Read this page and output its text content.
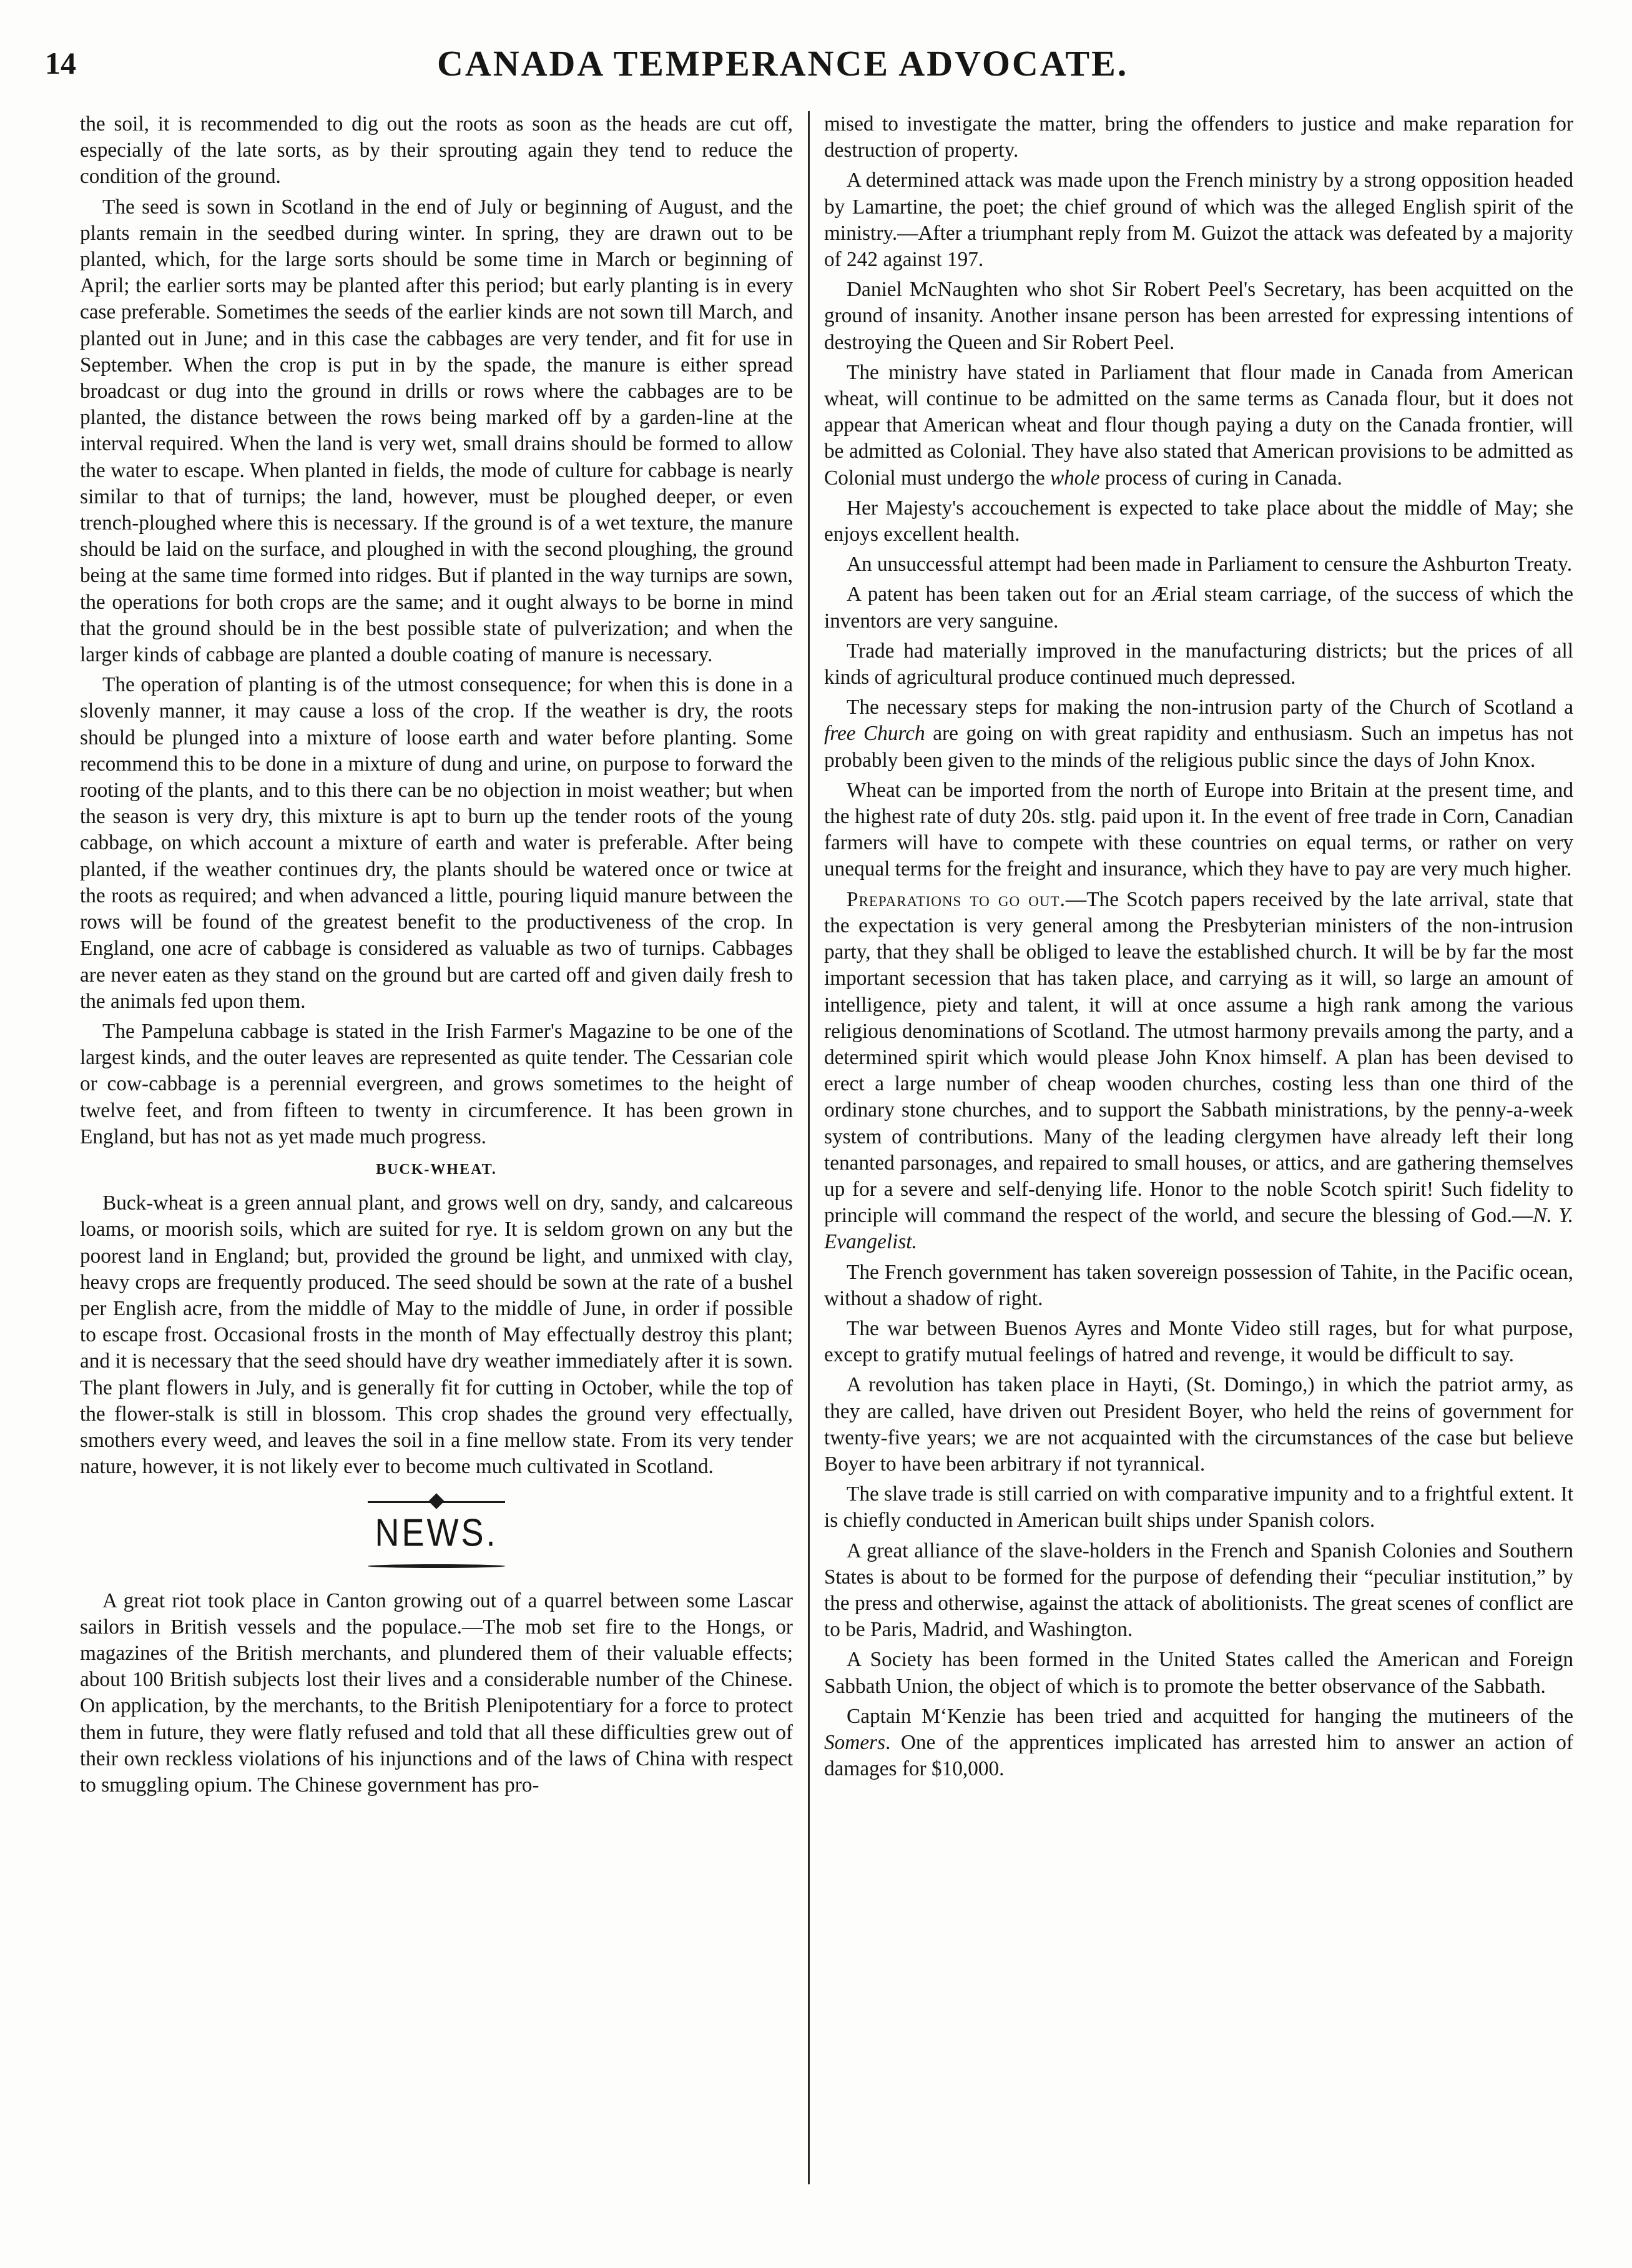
14	CANADA TEMPERANCE ADVOCATE.

the soil, it is recommended to dig out the roots as soon as the heads are cut off, especially of the late sorts, as by their sprouting again they tend to reduce the condition of the ground.

The seed is sown in Scotland in the end of July or beginning of August, and the plants remain in the seedbed during winter. In spring, they are drawn out to be planted, which, for the large sorts should be some time in March or beginning of April; the earlier sorts may be planted after this period; but early planting is in every case preferable. Sometimes the seeds of the earlier kinds are not sown till March, and planted out in June; and in this case the cabbages are very tender, and fit for use in September. When the crop is put in by the spade, the manure is either spread broadcast or dug into the ground in drills or rows where the cabbages are to be planted, the distance between the rows being marked off by a garden-line at the interval required. When the land is very wet, small drains should be formed to allow the water to escape. When planted in fields, the mode of culture for cabbage is nearly similar to that of turnips; the land, however, must be ploughed deeper, or even trench-ploughed where this is necessary. If the ground is of a wet texture, the manure should be laid on the surface, and ploughed in with the second ploughing, the ground being at the same time formed into ridges. But if planted in the way turnips are sown, the operations for both crops are the same; and it ought always to be borne in mind that the ground should be in the best possible state of pulverization; and when the larger kinds of cabbage are planted a double coating of manure is necessary.

The operation of planting is of the utmost consequence; for when this is done in a slovenly manner, it may cause a loss of the crop. If the weather is dry, the roots should be plunged into a mixture of loose earth and water before planting. Some recommend this to be done in a mixture of dung and urine, on purpose to forward the rooting of the plants, and to this there can be no objection in moist weather; but when the season is very dry, this mixture is apt to burn up the tender roots of the young cabbage, on which account a mixture of earth and water is preferable. After being planted, if the weather continues dry, the plants should be watered once or twice at the roots as required; and when advanced a little, pouring liquid manure between the rows will be found of the greatest benefit to the productiveness of the crop. In England, one acre of cabbage is considered as valuable as two of turnips. Cabbages are never eaten as they stand on the ground but are carted off and given daily fresh to the animals fed upon them.

The Pampeluna cabbage is stated in the Irish Farmer's Magazine to be one of the largest kinds, and the outer leaves are represented as quite tender. The Cessarian cole or cow-cabbage is a perennial evergreen, and grows sometimes to the height of twelve feet, and from fifteen to twenty in circumference. It has been grown in England, but has not as yet made much progress.

BUCK-WHEAT.

Buck-wheat is a green annual plant, and grows well on dry, sandy, and calcareous loams, or moorish soils, which are suited for rye. It is seldom grown on any but the poorest land in England; but, provided the ground be light, and unmixed with clay, heavy crops are frequently produced. The seed should be sown at the rate of a bushel per English acre, from the middle of May to the middle of June, in order if possible to escape frost. Occasional frosts in the month of May effectually destroy this plant; and it is necessary that the seed should have dry weather immediately after it is sown. The plant flowers in July, and is generally fit for cutting in October, while the top of the flower-stalk is still in blossom. This crop shades the ground very effectually, smothers every weed, and leaves the soil in a fine mellow state. From its very tender nature, however, it is not likely ever to become much cultivated in Scotland.

NEWS.

A great riot took place in Canton growing out of a quarrel between some Lascar sailors in British vessels and the populace.—The mob set fire to the Hongs, or magazines of the British merchants, and plundered them of their valuable effects; about 100 British subjects lost their lives and a considerable number of the Chinese. On application, by the merchants, to the British Plenipotentiary for a force to protect them in future, they were flatly refused and told that all these difficulties grew out of their own reckless violations of his injunctions and of the laws of China with respect to smuggling opium. The Chinese government has pro-

mised to investigate the matter, bring the offenders to justice and make reparation for destruction of property.

A determined attack was made upon the French ministry by a strong opposition headed by Lamartine, the poet; the chief ground of which was the alleged English spirit of the ministry.—After a triumphant reply from M. Guizot the attack was defeated by a majority of 242 against 197.

Daniel McNaughten who shot Sir Robert Peel's Secretary, has been acquitted on the ground of insanity. Another insane person has been arrested for expressing intentions of destroying the Queen and Sir Robert Peel.

The ministry have stated in Parliament that flour made in Canada from American wheat, will continue to be admitted on the same terms as Canada flour, but it does not appear that American wheat and flour though paying a duty on the Canada frontier, will be admitted as Colonial. They have also stated that American provisions to be admitted as Colonial must undergo the whole process of curing in Canada.

Her Majesty's accouchement is expected to take place about the middle of May; she enjoys excellent health.

An unsuccessful attempt had been made in Parliament to censure the Ashburton Treaty.

A patent has been taken out for an Ærial steam carriage, of the success of which the inventors are very sanguine.

Trade had materially improved in the manufacturing districts; but the prices of all kinds of agricultural produce continued much depressed.

The necessary steps for making the non-intrusion party of the Church of Scotland a free Church are going on with great rapidity and enthusiasm. Such an impetus has not probably been given to the minds of the religious public since the days of John Knox.

Wheat can be imported from the north of Europe into Britain at the present time, and the highest rate of duty 20s. stlg. paid upon it. In the event of free trade in Corn, Canadian farmers will have to compete with these countries on equal terms, or rather on very unequal terms for the freight and insurance, which they have to pay are very much higher.

Preparations to go out.—The Scotch papers received by the late arrival, state that the expectation is very general among the Presbyterian ministers of the non-intrusion party, that they shall be obliged to leave the established church. It will be by far the most important secession that has taken place, and carrying as it will, so large an amount of intelligence, piety and talent, it will at once assume a high rank among the various religious denominations of Scotland. The utmost harmony prevails among the party, and a determined spirit which would please John Knox himself. A plan has been devised to erect a large number of cheap wooden churches, costing less than one third of the ordinary stone churches, and to support the Sabbath ministrations, by the penny-a-week system of contributions. Many of the leading clergymen have already left their long tenanted parsonages, and repaired to small houses, or attics, and are gathering themselves up for a severe and self-denying life. Honor to the noble Scotch spirit! Such fidelity to principle will command the respect of the world, and secure the blessing of God.—N. Y. Evangelist.

The French government has taken sovereign possession of Tahite, in the Pacific ocean, without a shadow of right.

The war between Buenos Ayres and Monte Video still rages, but for what purpose, except to gratify mutual feelings of hatred and revenge, it would be difficult to say.

A revolution has taken place in Hayti, (St. Domingo,) in which the patriot army, as they are called, have driven out President Boyer, who held the reins of government for twenty-five years; we are not acquainted with the circumstances of the case but believe Boyer to have been arbitrary if not tyrannical.

The slave trade is still carried on with comparative impunity and to a frightful extent. It is chiefly conducted in American built ships under Spanish colors.

A great alliance of the slave-holders in the French and Spanish Colonies and Southern States is about to be formed for the purpose of defending their “peculiar institution,” by the press and otherwise, against the attack of abolitionists. The great scenes of conflict are to be Paris, Madrid, and Washington.

A Society has been formed in the United States called the American and Foreign Sabbath Union, the object of which is to promote the better observance of the Sabbath.

Captain M‘Kenzie has been tried and acquitted for hanging the mutineers of the Somers. One of the apprentices implicated has arrested him to answer an action of damages for $10,000.
